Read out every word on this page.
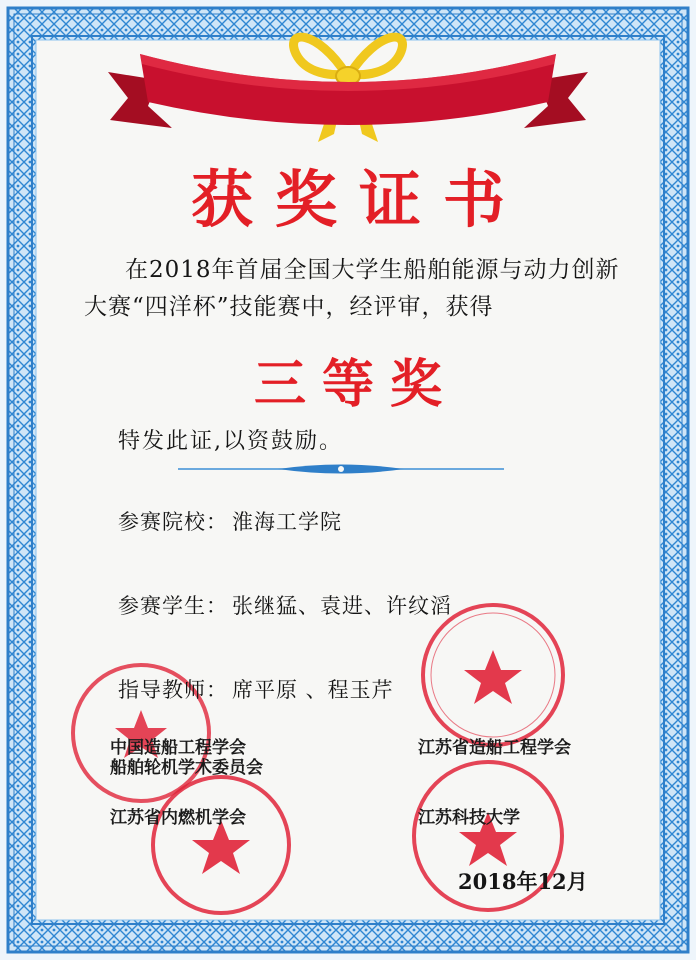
获奖证书
在2018年首届全国大学生船舶能源与动力创新
大赛“四洋杯”技能赛中，经评审，获得
三等奖
特发此证,以资鼓励。
参赛院校： 淮海工学院
参赛学生： 张继猛、袁进、许纹滔
指导教师： 席平原 、程玉芹
中国造船工程学会
船舶轮机学术委员会
江苏省造船工程学会
江苏省内燃机学会	江苏科技大学
2018年12月
